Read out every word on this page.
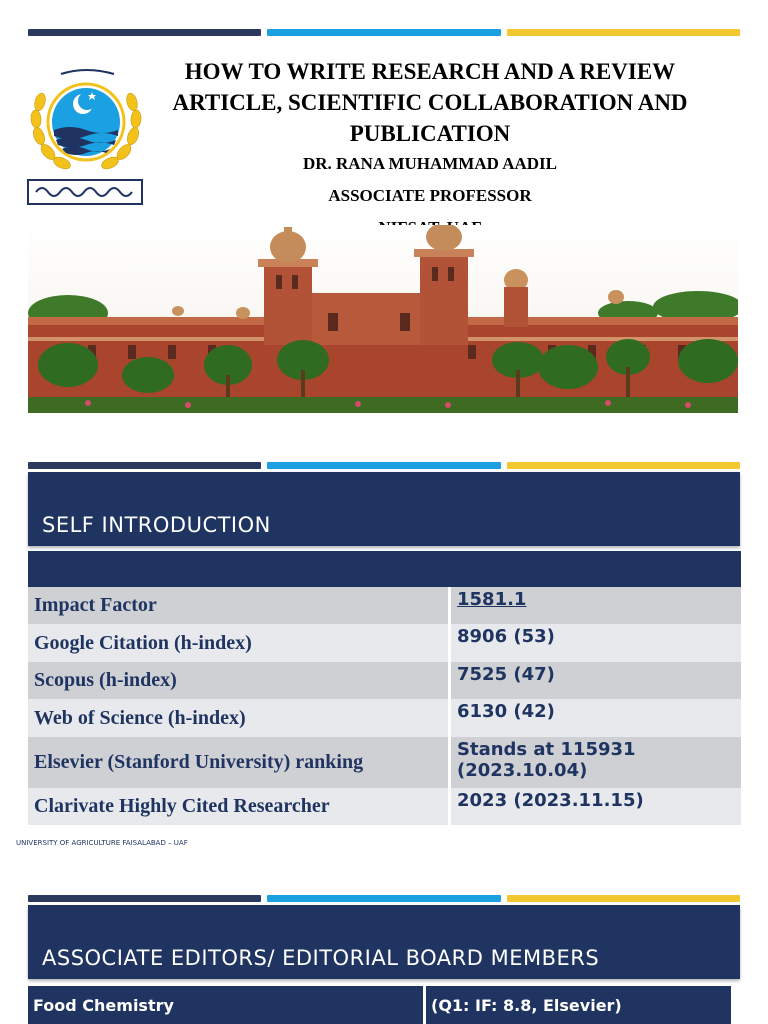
HOW TO WRITE RESEARCH AND A REVIEW
ARTICLE, SCIENTIFIC COLLABORATION AND
PUBLICATION
DR. RANA MUHAMMAD AADIL
ASSOCIATE PROFESSOR
SELF INTRODUCTION

Impact Factor	1581.1
Google Citation (h-index)	8906 (53)
Scopus (h-index)	7525 (47)
Web of Science (h-index)	6130 (42)
Elsevier (Stanford University) ranking	Stands at 115931 (2023.10.04)
Clarivate Highly Cited Researcher	2023 (2023.11.15)
UNIVERSITY OF AGRICULTURE FAISALABAD – UAF
ASSOCIATE EDITORS/ EDITORIAL BOARD MEMBERS
Food Chemistry	(Q1: IF: 8.8, Elsevier)
